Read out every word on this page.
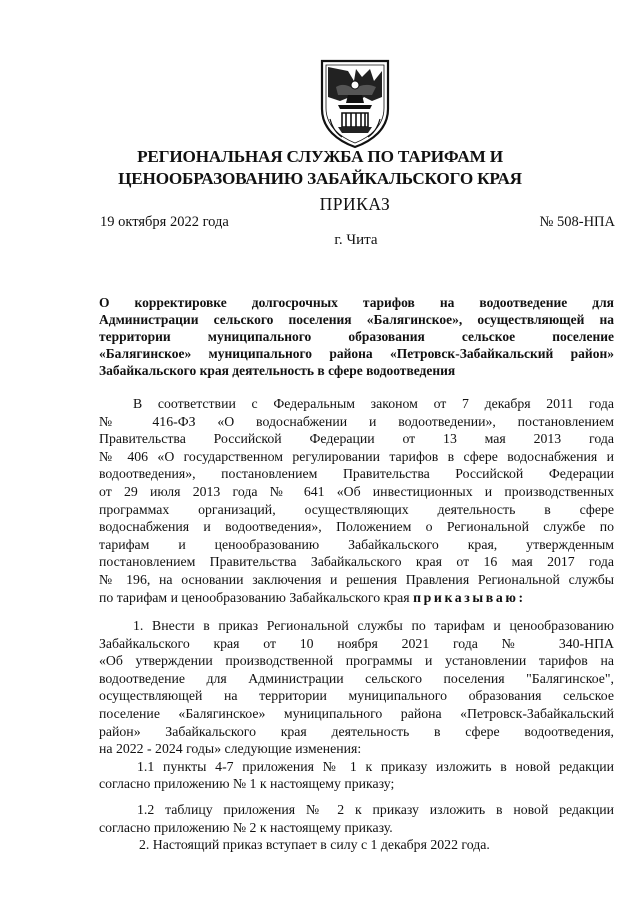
РЕГИОНАЛЬНАЯ СЛУЖБА ПО ТАРИФАМ И
ЦЕНООБРАЗОВАНИЮ ЗАБАЙКАЛЬСКОГО КРАЯ
ПРИКАЗ
19 октября 2022 года	№ 508-НПА
г. Чита
О корректировке долгосрочных тарифов на водоотведение для
Администрации сельского поселения «Балягинское», осуществляющей на
территории муниципального образования сельское поселение
«Балягинское» муниципального района «Петровск-Забайкальский район»
Забайкальского края деятельность в сфере водоотведения
В соответствии с Федеральным законом от 7 декабря 2011 года
№ 416-ФЗ «О водоснабжении и водоотведении», постановлением
Правительства Российской Федерации от 13 мая 2013 года
№ 406 «О государственном регулировании тарифов в сфере водоснабжения и
водоотведения», постановлением Правительства Российской Федерации
от 29 июля 2013 года № 641 «Об инвестиционных и производственных
программах организаций, осуществляющих деятельность в сфере
водоснабжения и водоотведения», Положением о Региональной службе по
тарифам и ценообразованию Забайкальского края, утвержденным
постановлением Правительства Забайкальского края от 16 мая 2017 года
№ 196, на основании заключения и решения Правления Региональной службы
по тарифам и ценообразованию Забайкальского края приказываю:
1. Внести в приказ Региональной службы по тарифам и ценообразованию
Забайкальского края от 10 ноября 2021 года № 340-НПА
«Об утверждении производственной программы и установлении тарифов на
водоотведение для Администрации сельского поселения "Балягинское",
осуществляющей на территории муниципального образования сельское
поселение «Балягинское» муниципального района «Петровск-Забайкальский
район» Забайкальского края деятельность в сфере водоотведения,
на 2022 - 2024 годы» следующие изменения:
1.1 пункты 4-7 приложения № 1 к приказу изложить в новой редакции
согласно приложению № 1 к настоящему приказу;
1.2 таблицу приложения № 2 к приказу изложить в новой редакции
согласно приложению № 2 к настоящему приказу.
2. Настоящий приказ вступает в силу с 1 декабря 2022 года.
